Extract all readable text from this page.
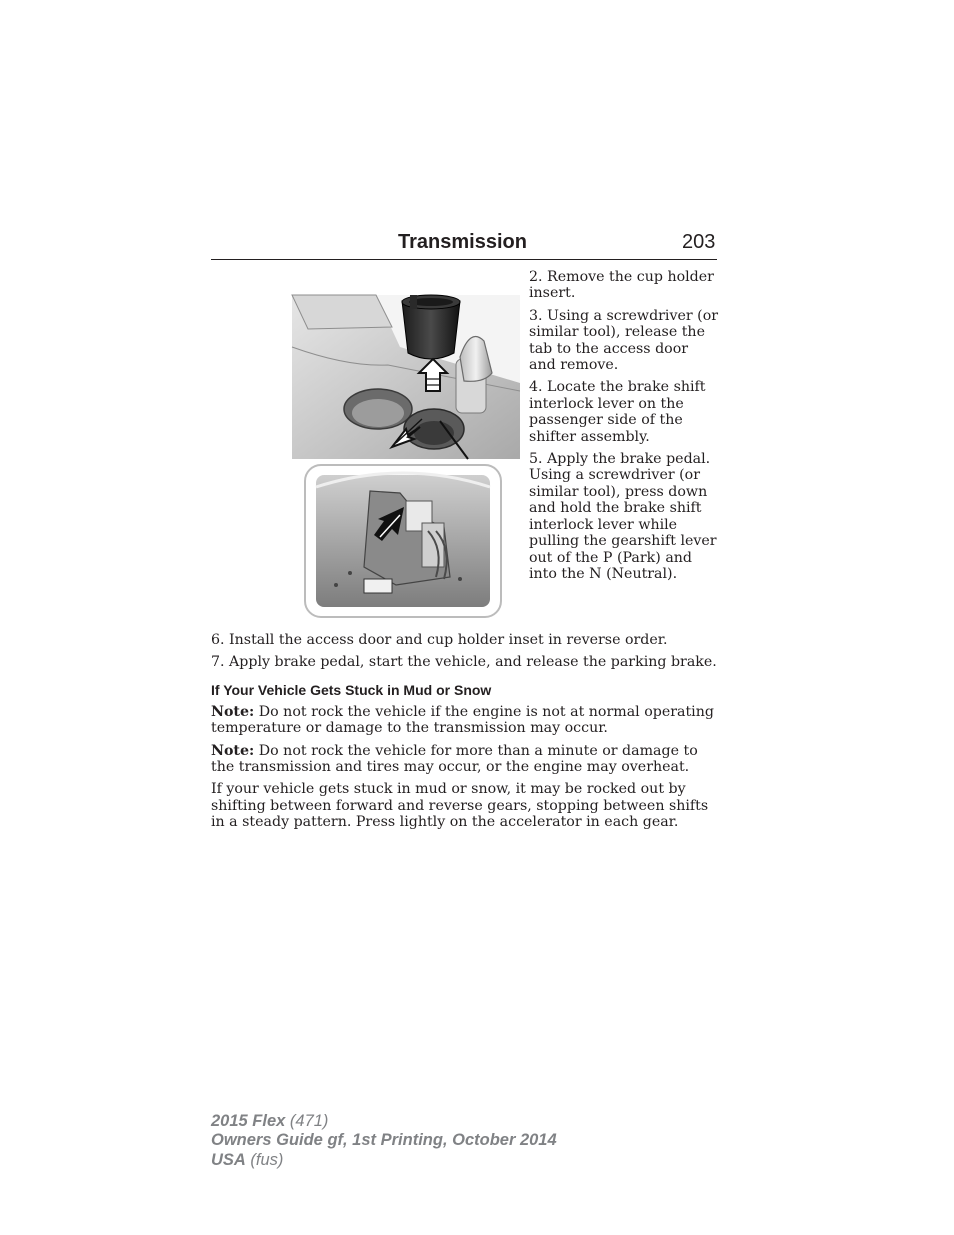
Transmission	203

2. Remove the cup holder insert.

3. Using a screwdriver (or similar tool), release the tab to the access door and remove.

4. Locate the brake shift interlock lever on the passenger side of the shifter assembly.

5. Apply the brake pedal. Using a screwdriver (or similar tool), press down and hold the brake shift interlock lever while pulling the gearshift lever out of the P (Park) and into the N (Neutral).

6. Install the access door and cup holder inset in reverse order.

7. Apply brake pedal, start the vehicle, and release the parking brake.

If Your Vehicle Gets Stuck in Mud or Snow

Note: Do not rock the vehicle if the engine is not at normal operating temperature or damage to the transmission may occur.

Note: Do not rock the vehicle for more than a minute or damage to the transmission and tires may occur, or the engine may overheat.

If your vehicle gets stuck in mud or snow, it may be rocked out by shifting between forward and reverse gears, stopping between shifts in a steady pattern. Press lightly on the accelerator in each gear.

2015 Flex (471)
Owners Guide gf, 1st Printing, October 2014
USA (fus)
